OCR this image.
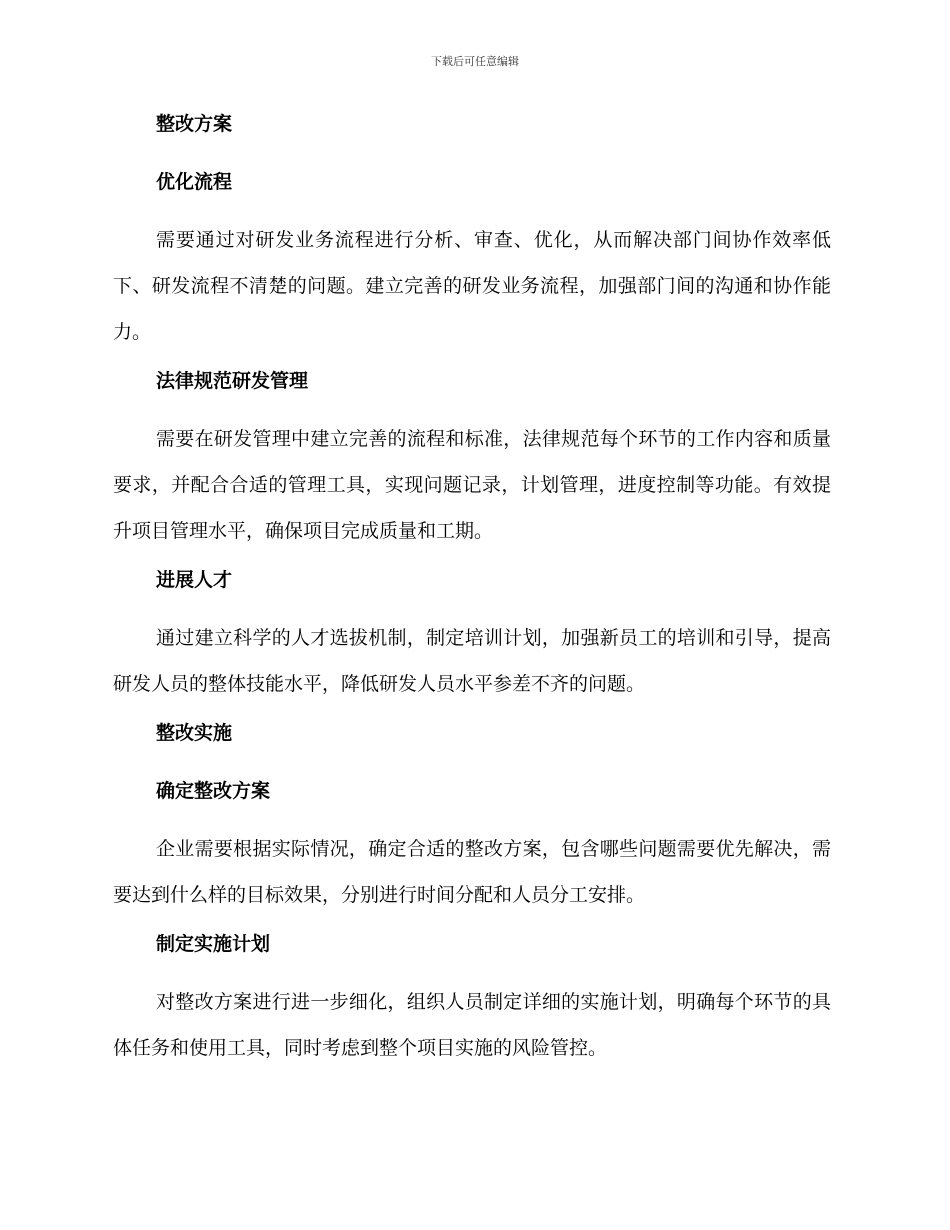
下载后可任意编辑

整改方案

优化流程

需要通过对研发业务流程进行分析、审查、优化，从而解决部门间协作效率低下、研发流程不清楚的问题。建立完善的研发业务流程，加强部门间的沟通和协作能力。

法律规范研发管理

需要在研发管理中建立完善的流程和标准，法律规范每个环节的工作内容和质量要求，并配合合适的管理工具，实现问题记录，计划管理，进度控制等功能。有效提升项目管理水平，确保项目完成质量和工期。

进展人才

通过建立科学的人才选拔机制，制定培训计划，加强新员工的培训和引导，提高研发人员的整体技能水平，降低研发人员水平参差不齐的问题。

整改实施

确定整改方案

企业需要根据实际情况，确定合适的整改方案，包含哪些问题需要优先解决，需要达到什么样的目标效果，分别进行时间分配和人员分工安排。

制定实施计划

对整改方案进行进一步细化，组织人员制定详细的实施计划，明确每个环节的具体任务和使用工具，同时考虑到整个项目实施的风险管控。
